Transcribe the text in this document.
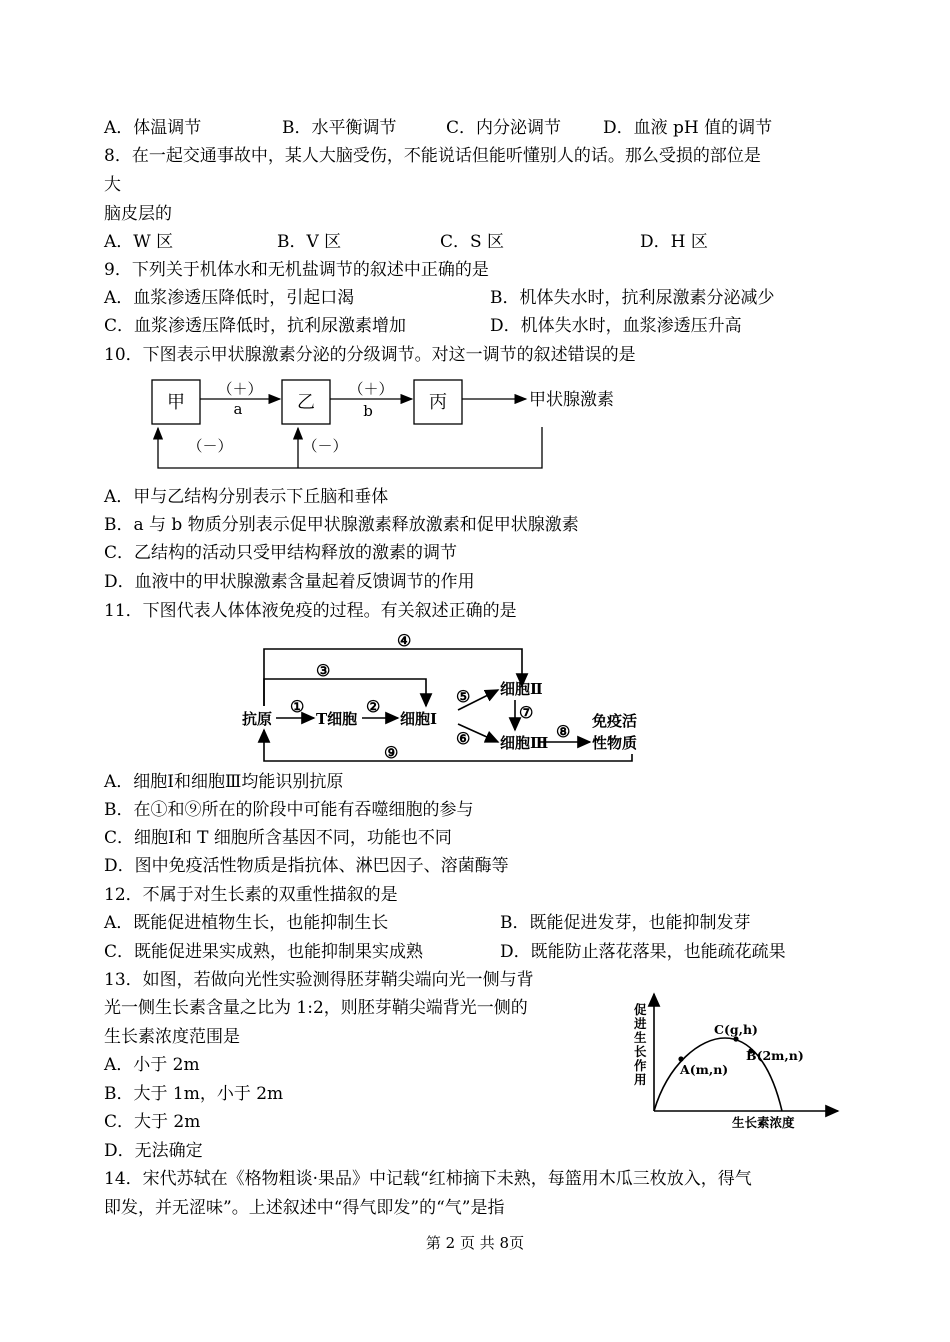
A．体温调节	B．水平衡调节	C．内分泌调节 D．血液 pH 值的调节
8．在一起交通事故中，某人大脑受伤，不能说话但能听懂别人的话。那么受损的部位是
大
脑皮层的
A．W 区	B．V 区	C．S 区	D．H 区
9．下列关于机体水和无机盐调节的叙述中正确的是
A．血浆渗透压降低时，引起口渴	B．机体失水时，抗利尿激素分泌减少
C．血浆渗透压降低时，抗利尿激素增加	D．机体失水时，血浆渗透压升高
10．下图表示甲状腺激素分泌的分级调节。对这一调节的叙述错误的是
甲	乙	丙
（＋）
a
（＋）
b
甲状腺激素
（－）	（－）
A．甲与乙结构分别表示下丘脑和垂体
B．a 与 b 物质分别表示促甲状腺激素释放激素和促甲状腺激素
C．乙结构的活动只受甲结构释放的激素的调节
D．血液中的甲状腺激素含量起着反馈调节的作用
11．下图代表人体体液免疫的过程。有关叙述正确的是
抗原	T细胞	细胞Ⅰ
细胞Ⅱ
细胞Ⅲ
免疫活
性物质
①	②
④
③
⑤
⑥
⑦
⑧
⑨
A．细胞Ⅰ和细胞Ⅲ均能识别抗原
B．在①和⑨所在的阶段中可能有吞噬细胞的参与
C．细胞Ⅰ和 T 细胞所含基因不同，功能也不同
D．图中免疫活性物质是指抗体、淋巴因子、溶菌酶等
12．不属于对生长素的双重性描叙的是
A．既能促进植物生长，也能抑制生长	B．既能促进发芽，也能抑制发芽
C．既能促进果实成熟，也能抑制果实成熟	D．既能防止落花落果，也能疏花疏果
13．如图，若做向光性实验测得胚芽鞘尖端向光一侧与背
光一侧生长素含量之比为 1:2，则胚芽鞘尖端背光一侧的
生长素浓度范围是
A．小于 2m
B．大于 1m，小于 2m
C．大于 2m
D．无法确定
促
进
生
长
作
用
生长素浓度
A(m,n)
C(g,h)
B(2m,n)
14．宋代苏轼在《格物粗谈·果品》中记载“红柿摘下未熟，每篮用木瓜三枚放入，得气
即发，并无涩味”。上述叙述中“得气即发”的“气”是指
第 2 页 共 8页
